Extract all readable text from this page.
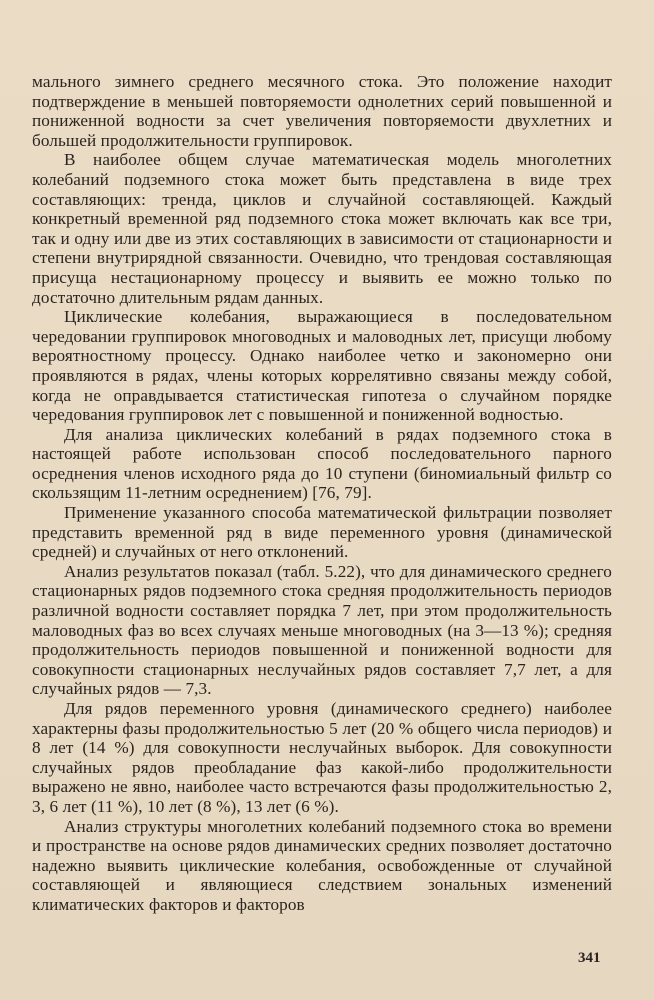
мального зимнего среднего месячного стока. Это положение находит подтверждение в меньшей повторяемости однолетних серий повышенной и пониженной водности за счет увеличения повторяемости двухлетних и большей продолжительности группировок.

В наиболее общем случае математическая модель многолетних колебаний подземного стока может быть представлена в виде трех составляющих: тренда, циклов и случайной составляющей. Каждый конкретный временной ряд подземного стока может включать как все три, так и одну или две из этих составляющих в зависимости от стационарности и степени внутрирядной связанности. Очевидно, что трендовая составляющая присуща нестационарному процессу и выявить ее можно только по достаточно длительным рядам данных.

Циклические колебания, выражающиеся в последовательном чередовании группировок многоводных и маловодных лет, присущи любому вероятностному процессу. Однако наиболее четко и закономерно они проявляются в рядах, члены которых коррелятивно связаны между собой, когда не оправдывается статистическая гипотеза о случайном порядке чередования группировок лет с повышенной и пониженной водностью.

Для анализа циклических колебаний в рядах подземного стока в настоящей работе использован способ последовательного парного осреднения членов исходного ряда до 10 ступени (биномиальный фильтр со скользящим 11-летним осреднением) [76, 79].

Применение указанного способа математической фильтрации позволяет представить временной ряд в виде переменного уровня (динамической средней) и случайных от него отклонений.

Анализ результатов показал (табл. 5.22), что для динамического среднего стационарных рядов подземного стока средняя продолжительность периодов различной водности составляет порядка 7 лет, при этом продолжительность маловодных фаз во всех случаях меньше многоводных (на 3—13 %); средняя продолжительность периодов повышенной и пониженной водности для совокупности стационарных неслучайных рядов составляет 7,7 лет, а для случайных рядов — 7,3.

Для рядов переменного уровня (динамического среднего) наиболее характерны фазы продолжительностью 5 лет (20 % общего числа периодов) и 8 лет (14 %) для совокупности неслучайных выборок. Для совокупности случайных рядов преобладание фаз какой-либо продолжительности выражено не явно, наиболее часто встречаются фазы продолжительностью 2, 3, 6 лет (11 %), 10 лет (8 %), 13 лет (6 %).

Анализ структуры многолетних колебаний подземного стока во времени и пространстве на основе рядов динамических средних позволяет достаточно надежно выявить циклические колебания, освобожденные от случайной составляющей и являющиеся следствием зональных изменений климатических факторов и факторов

341
